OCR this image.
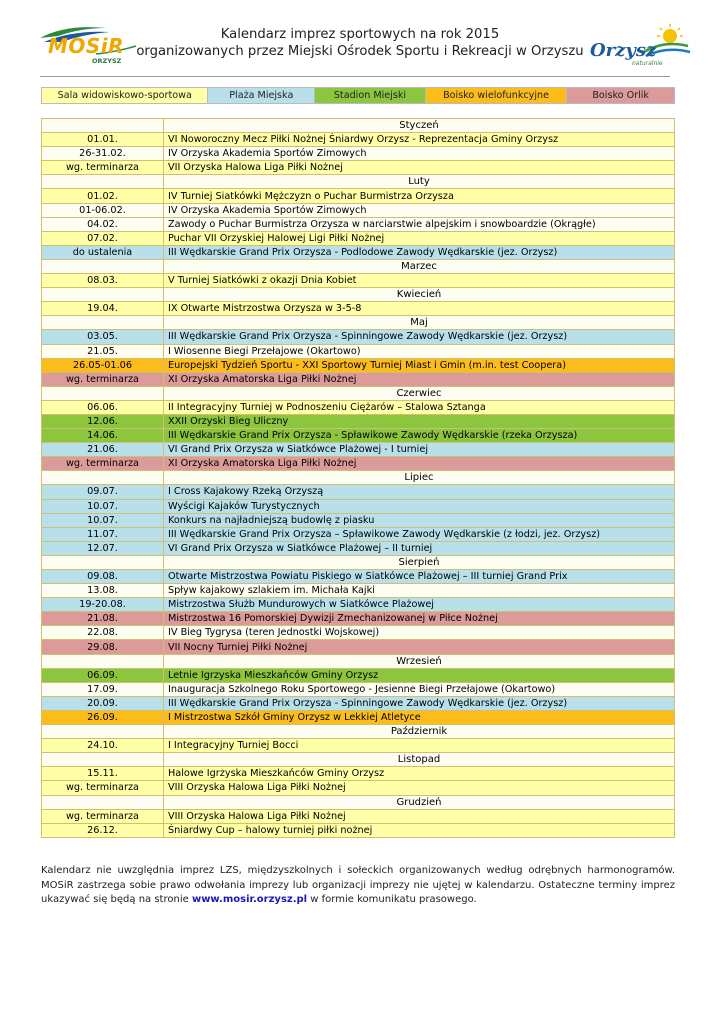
MOSiR
ORZYSZ
Kalendarz imprez sportowych na rok 2015
organizowanych przez Miejski Ośrodek Sportu i Rekreacji w Orzyszu Orzysz
naturalnie
Sala widowiskowo-sportowa	Plaża Miejska	Stadion Miejski	Boisko wielofunkcyjne	Boisko Orlik
	Styczeń
01.01.	VI Noworoczny Mecz Piłki Nożnej Śniardwy Orzysz - Reprezentacja Gminy Orzysz
26-31.02.	IV Orzyska Akademia Sportów Zimowych
wg. terminarza	VII Orzyska Halowa Liga Piłki Nożnej
	Luty
01.02.	IV Turniej Siatkówki Mężczyzn o Puchar Burmistrza Orzysza
01-06.02.	IV Orzyska Akademia Sportów Zimowych
04.02.	Zawody o Puchar Burmistrza Orzysza w narciarstwie alpejskim i snowboardzie (Okrągłe)
07.02.	Puchar VII Orzyskiej Halowej Ligi Piłki Nożnej
do ustalenia	III Wędkarskie Grand Prix Orzysza - Podlodowe Zawody Wędkarskie (jez. Orzysz)
	Marzec
08.03.	V Turniej Siatkówki z okazji Dnia Kobiet
	Kwiecień
19.04.	IX Otwarte Mistrzostwa Orzysza w 3-5-8
	Maj
03.05.	III Wędkarskie Grand Prix Orzysza - Spinningowe Zawody Wędkarskie (jez. Orzysz)
21.05.	I Wiosenne Biegi Przełajowe (Okartowo)
26.05-01.06	Europejski Tydzień Sportu - XXI Sportowy Turniej Miast i Gmin (m.in. test Coopera)
wg. terminarza	XI Orzyska Amatorska Liga Piłki Nożnej
	Czerwiec
06.06.	II Integracyjny Turniej w Podnoszeniu Ciężarów – Stalowa Sztanga
12.06.	XXII Orzyski Bieg Uliczny
14.06.	III Wędkarskie Grand Prix Orzysza - Spławikowe Zawody Wędkarskie (rzeka Orzysza)
21.06.	VI Grand Prix Orzysza w Siatkówce Plażowej - I turniej
wg. terminarza	XI Orzyska Amatorska Liga Piłki Nożnej
	Lipiec
09.07.	I Cross Kajakowy Rzeką Orzyszą
10.07.	Wyścigi Kajaków Turystycznych
10.07.	Konkurs na najładniejszą budowlę z piasku
11.07.	III Wędkarskie Grand Prix Orzysza – Spławikowe Zawody Wędkarskie (z łodzi, jez. Orzysz)
12.07.	VI Grand Prix Orzysza w Siatkówce Plażowej – II turniej
	Sierpień
09.08.	Otwarte Mistrzostwa Powiatu Piskiego w Siatkówce Plażowej – III turniej Grand Prix
13.08.	Spływ kajakowy szlakiem im. Michała Kajki
19-20.08.	Mistrzostwa Służb Mundurowych w Siatkówce Plażowej
21.08.	Mistrzostwa 16 Pomorskiej Dywizji Zmechanizowanej w Piłce Nożnej
22.08.	IV Bieg Tygrysa (teren Jednostki Wojskowej)
29.08.	VII Nocny Turniej Piłki Nożnej
	Wrzesień
06.09.	Letnie Igrzyska Mieszkańców Gminy Orzysz
17.09.	Inauguracja Szkolnego Roku Sportowego - Jesienne Biegi Przełajowe (Okartowo)
20.09.	III Wędkarskie Grand Prix Orzysza - Spinningowe Zawody Wędkarskie (jez. Orzysz)
26.09.	I Mistrzostwa Szkół Gminy Orzysz w Lekkiej Atletyce
	Październik
24.10.	I Integracyjny Turniej Bocci
	Listopad
15.11.	Halowe Igrzyska Mieszkańców Gminy Orzysz
wg. terminarza	VIII Orzyska Halowa Liga Piłki Nożnej
	Grudzień
wg. terminarza	VIII Orzyska Halowa Liga Piłki Nożnej
26.12.	Śniardwy Cup – halowy turniej piłki nożnej
Kalendarz nie uwzględnia imprez LZS, międzyszkolnych i sołeckich organizowanych według odrębnych harmonogramów. MOSiR zastrzega sobie prawo odwołania imprezy lub organizacji imprezy nie ujętej w kalendarzu. Ostateczne terminy imprez ukazywać się będą na stronie www.mosir.orzysz.pl w formie komunikatu prasowego.
